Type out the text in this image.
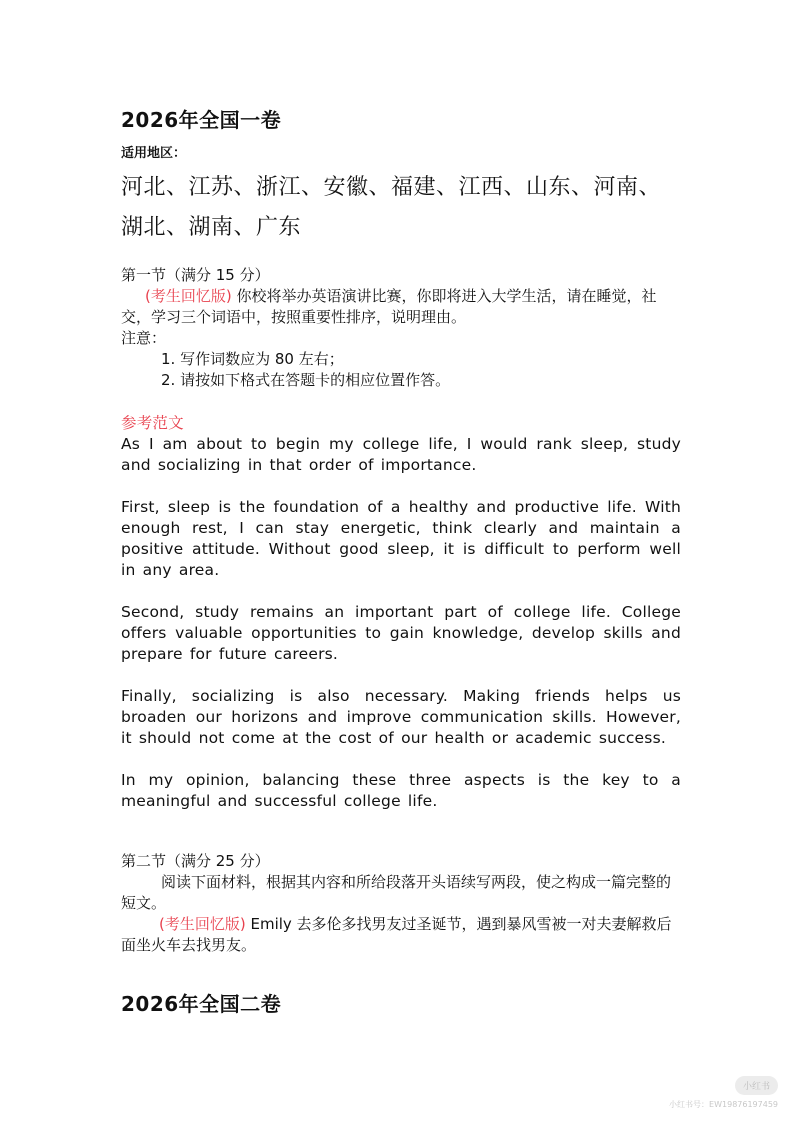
2026年全国一卷
适用地区：
河北、江苏、浙江、安徽、福建、江西、山东、河南、
湖北、湖南、广东

第一节（满分 15 分）

(考生回忆版) 你校将举办英语演讲比赛，你即将进入大学生活，请在睡觉，社交，学习三个词语中，按照重要性排序，说明理由。

注意：

1. 写作词数应为 80 左右；
2. 请按如下格式在答题卡的相应位置作答。

参考范文

As I am about to begin my college life, I would rank sleep, study and socializing in that order of importance.

First, sleep is the foundation of a healthy and productive life. With enough rest, I can stay energetic, think clearly and maintain a positive attitude. Without good sleep, it is difficult to perform well in any area.

Second, study remains an important part of college life. College offers valuable opportunities to gain knowledge, develop skills and prepare for future careers.

Finally, socializing is also necessary. Making friends helps us broaden our horizons and improve communication skills. However, it should not come at the cost of our health or academic success.

In my opinion, balancing these three aspects is the key to a meaningful and successful college life.

第二节（满分 25 分）

阅读下面材料，根据其内容和所给段落开头语续写两段，使之构成一篇完整的短文。

(考生回忆版) Emily 去多伦多找男友过圣诞节，遇到暴风雪被一对夫妻解救后面坐火车去找男友。

2026年全国二卷
小红书
小红书号：EW198761974​59
